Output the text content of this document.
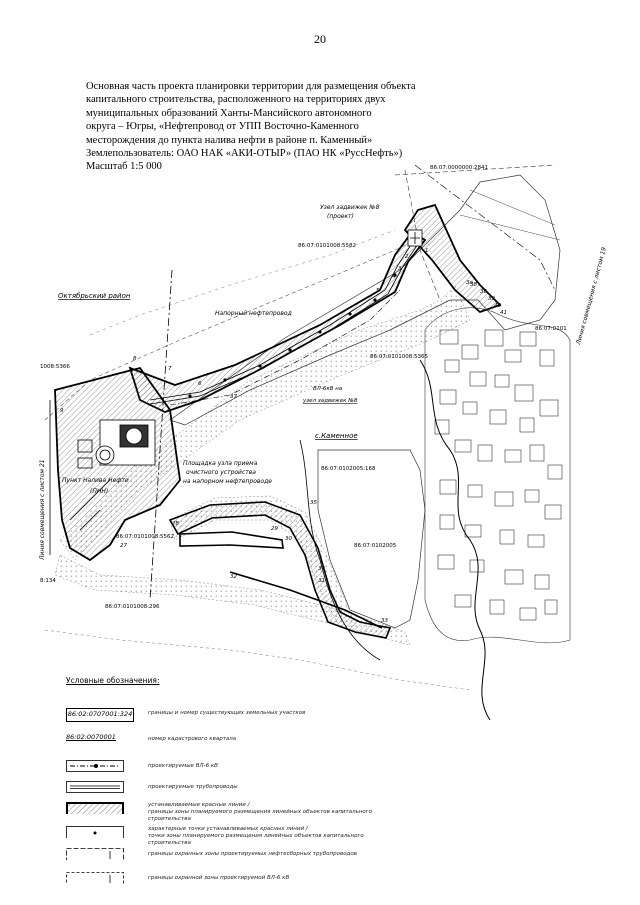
20
Основная часть проекта планировки территории для размещения объекта
капитального строительства, расположенного на территориях двух
муниципальных образований Ханты-Мансийского автономного
округа – Югры, «Нефтепровод от УПП Восточно-Каменного
месторождения до пункта налива нефти в районе п. Каменный»
Землепользователь: ОАО НАК «АКИ-ОТЫР» (ПАО НК «РусcНефть»)
Масштаб 1:5 000
Октябрьский район
с.Каменное
Узел задвижек №8
(проект)
Напорный нефтепровод
ВЛ-6кВ на
узел задвижек №8
Площадка узла приема
очистного устройства
на напорном нефтепроводе
Пункт Налива Нефти
(ПНН)
Линия совмещения с листом 21
Линия совмещения с листом 19
86:07:0000000:2841
86:07:0101008:5582
86:07:0101008:5365
86:07:0101
1008:5366
86:07:0102005:168
86:07:0102005
86:07:0101008:5562
86:07:0101008:296
8:134
1
2
3
4
5
6
7
8
9
27
28
29
30
31
32
33
34
35
36
37
38
39
40
41
3a
Условные обозначения:
86:02:0707001:324	границы и номер существующих земельных участков
86:02:0070001	номер кадастрового квартала
проектируемые ВЛ-6 кВ
проектируемые трубопроводы
устанавливаемые красные линии /
границы зоны планируемого размещения линейных объектов капитального строительства
характерные точки устанавливаемых красных линий /
точки зоны планируемого размещения линейных объектов капитального строительства
границы охранных зоны проектируемых нефтесборных трубопроводов
границы охранной зоны проектируемой ВЛ-6 кВ
